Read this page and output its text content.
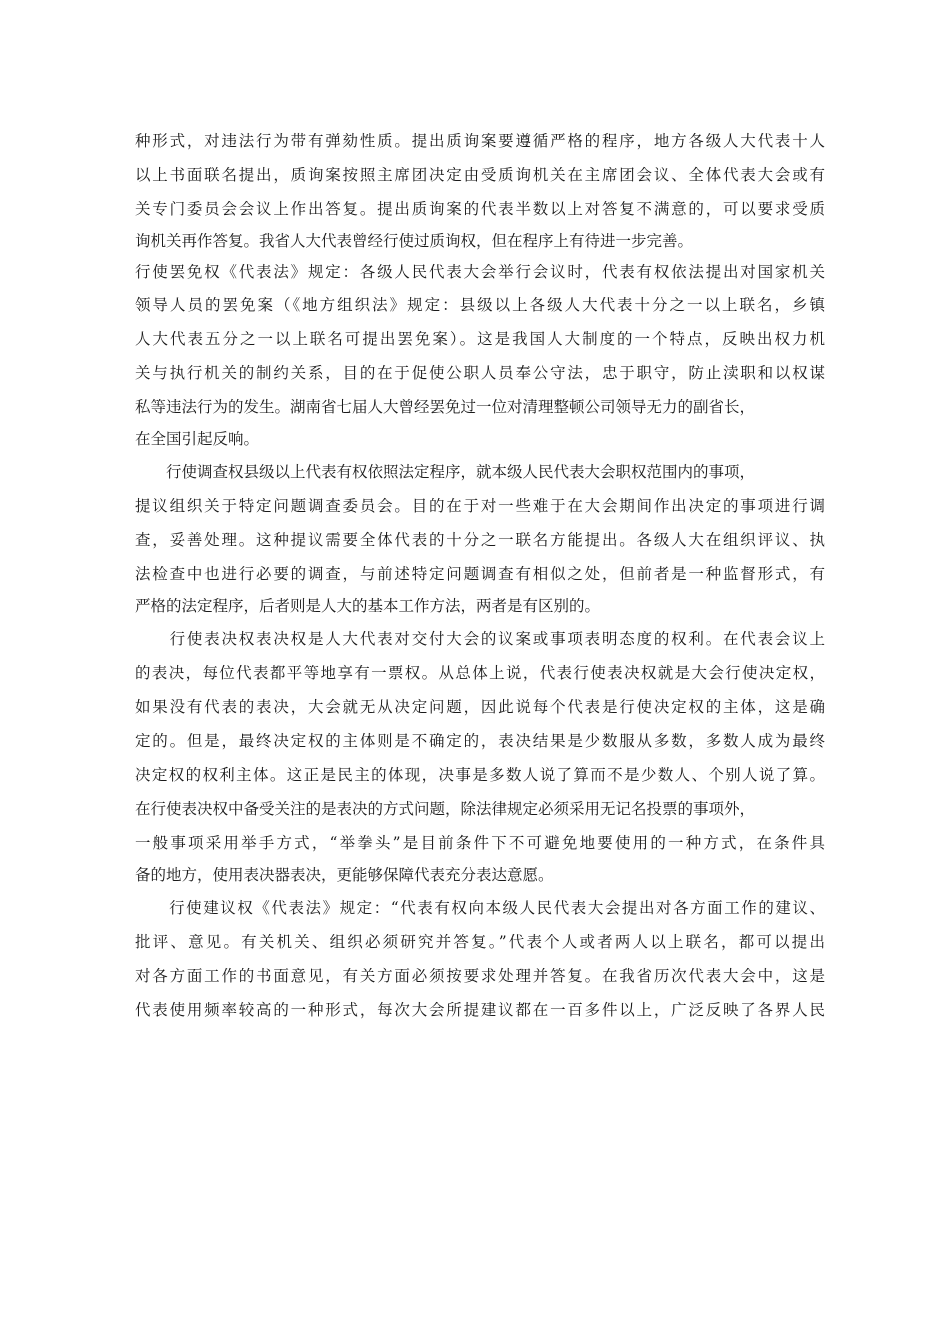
种形式，对违法行为带有弹劾性质。提出质询案要遵循严格的程序，地方各级人大代表十人
以上书面联名提出，质询案按照主席团决定由受质询机关在主席团会议、全体代表大会或有
关专门委员会会议上作出答复。提出质询案的代表半数以上对答复不满意的，可以要求受质
询机关再作答复。我省人大代表曾经行使过质询权，但在程序上有待进一步完善。
行使罢免权《代表法》规定：各级人民代表大会举行会议时，代表有权依法提出对国家机关
领导人员的罢免案（《地方组织法》规定：县级以上各级人大代表十分之一以上联名，乡镇
人大代表五分之一以上联名可提出罢免案）。这是我国人大制度的一个特点，反映出权力机
关与执行机关的制约关系，目的在于促使公职人员奉公守法，忠于职守，防止渎职和以权谋
私等违法行为的发生。湖南省七届人大曾经罢免过一位对清理整顿公司领导无力的副省长，
在全国引起反响。
　　行使调查权县级以上代表有权依照法定程序，就本级人民代表大会职权范围内的事项，
提议组织关于特定问题调查委员会。目的在于对一些难于在大会期间作出决定的事项进行调
查，妥善处理。这种提议需要全体代表的十分之一联名方能提出。各级人大在组织评议、执
法检查中也进行必要的调查，与前述特定问题调查有相似之处，但前者是一种监督形式，有
严格的法定程序，后者则是人大的基本工作方法，两者是有区别的。
　　行使表决权表决权是人大代表对交付大会的议案或事项表明态度的权利。在代表会议上
的表决，每位代表都平等地享有一票权。从总体上说，代表行使表决权就是大会行使决定权，
如果没有代表的表决，大会就无从决定问题，因此说每个代表是行使决定权的主体，这是确
定的。但是，最终决定权的主体则是不确定的，表决结果是少数服从多数，多数人成为最终
决定权的权利主体。这正是民主的体现，决事是多数人说了算而不是少数人、个别人说了算。
在行使表决权中备受关注的是表决的方式问题，除法律规定必须采用无记名投票的事项外，
一般事项采用举手方式，“举拳头”是目前条件下不可避免地要使用的一种方式，在条件具
备的地方，使用表决器表决，更能够保障代表充分表达意愿。
　　行使建议权《代表法》规定：“代表有权向本级人民代表大会提出对各方面工作的建议、
批评、意见。有关机关、组织必须研究并答复。”代表个人或者两人以上联名，都可以提出
对各方面工作的书面意见，有关方面必须按要求处理并答复。在我省历次代表大会中，这是
代表使用频率较高的一种形式，每次大会所提建议都在一百多件以上，广泛反映了各界人民
